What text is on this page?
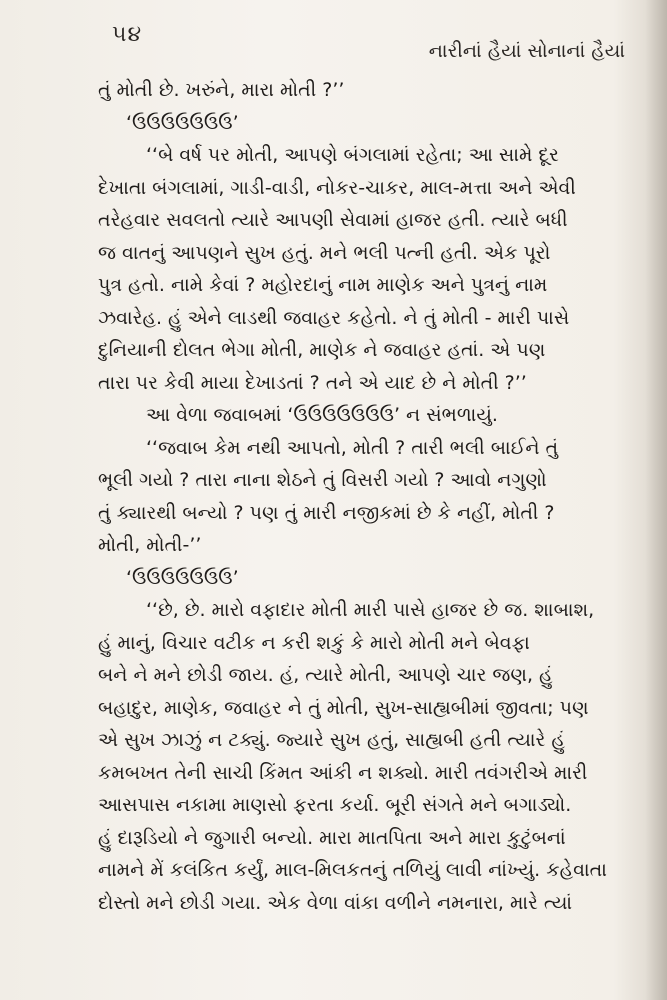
૫૪
નારીનાં હૈયાં સોનાનાં હૈયાં
તું મોતી છે. ખરુંને, મારા મોતી ?’’
‘ઉઉઉઉઉઉઉ’
‘‘બે વર્ષ પર મોતી, આપણે બંગલામાં રહેતા; આ સામે દૂર
દેખાતા બંગલામાં, ગાડી-વાડી, નોકર-ચાકર, માલ-મત્તા અને એવી
તરેહવાર સવલતો ત્યારે આપણી સેવામાં હાજર હતી. ત્યારે બધી
જ વાતનું આપણને સુખ હતું. મને ભલી પત્ની હતી. એક પૂરો
પુત્ર હતો. નામે કેવાં ? મહોરદાનું નામ માણેક અને પુત્રનું નામ
ઝવારેહ. હું એને લાડથી જવાહર કહેતો. ને તું મોતી - મારી પાસે
દુનિયાની દોલત ભેગા મોતી, માણેક ને જવાહર હતાં. એ પણ
તારા પર કેવી માયા દેખાડતાં ? તને એ યાદ છે ને મોતી ?’’
આ વેળા જવાબમાં ‘ઉઉઉઉઉઉઉ’ ન સંભળાયું.
‘‘જવાબ કેમ નથી આપતો, મોતી ? તારી ભલી બાઈને તું
ભૂલી ગયો ? તારા નાના શેઠને તું વિસરી ગયો ? આવો નગુણો
તું ક્યારથી બન્યો ? પણ તું મારી નજીકમાં છે કે નહીં, મોતી ?
મોતી, મોતી-’’
‘ઉઉઉઉઉઉઉ’
‘‘છે, છે. મારો વફાદાર મોતી મારી પાસે હાજર છે જ. શાબાશ,
હું માનું, વિચાર વટીક ન કરી શકું કે મારો મોતી મને બેવફા
બને ને મને છોડી જાય. હં, ત્યારે મોતી, આપણે ચાર જણ, હું
બહાદુર, માણેક, જવાહર ને તું મોતી, સુખ-સાહ્યબીમાં જીવતા; પણ
એ સુખ ઝાઝું ન ટક્યું. જ્યારે સુખ હતું, સાહ્યબી હતી ત્યારે હું
કમબખત તેની સાચી કિંમત આંકી ન શક્યો. મારી તવંગરીએ મારી
આસપાસ નકામા માણસો ફરતા કર્યા. બૂરી સંગતે મને બગાડ્યો.
હું દારૂડિયો ને જુગારી બન્યો. મારા માતપિતા અને મારા કુટુંબનાં
નામને મેં કલંકિત કર્યું, માલ-મિલકતનું તળિયું લાવી નાંખ્યું. કહેવાતા
દોસ્તો મને છોડી ગયા. એક વેળા વાંકા વળીને નમનારા, મારે ત્યાં
